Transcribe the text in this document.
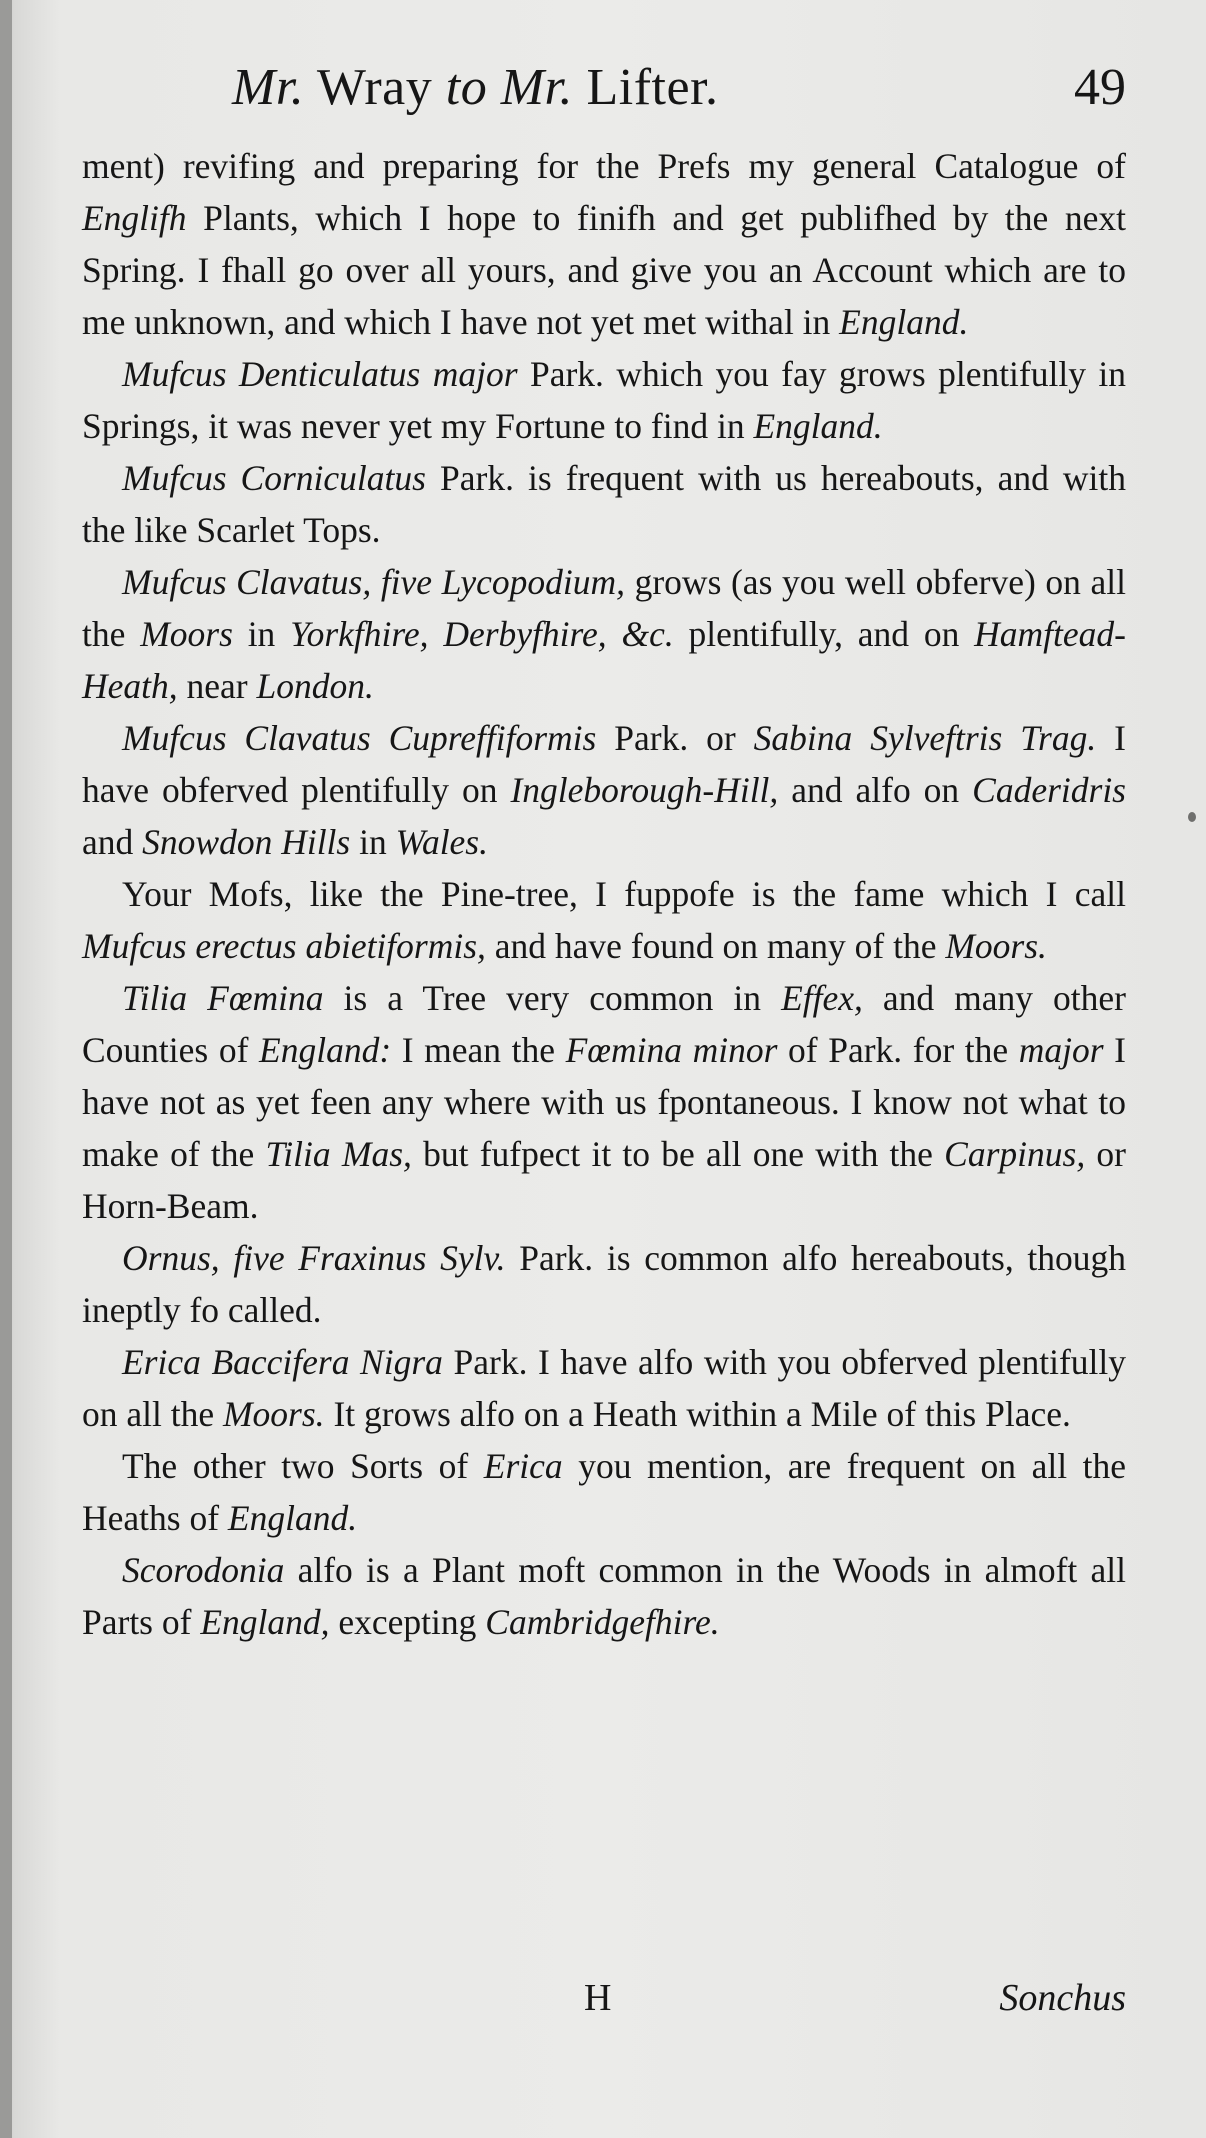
Mr. Wray to Mr. Lifter.	49

ment) revifing and preparing for the Prefs my general Catalogue of Englifh Plants, which I hope to finifh and get publifhed by the next Spring. I fhall go over all yours, and give you an Account which are to me unknown, and which I have not yet met withal in England.

Mufcus Denticulatus major Park. which you fay grows plentifully in Springs, it was never yet my Fortune to find in England.

Mufcus Corniculatus Park. is frequent with us hereabouts, and with the like Scarlet Tops.

Mufcus Clavatus, five Lycopodium, grows (as you well obferve) on all the Moors in Yorkfhire, Derbyfhire, &c. plentifully, and on Hamftead-Heath, near London.

Mufcus Clavatus Cupreffiformis Park. or Sabina Sylveftris Trag. I have obferved plentifully on Ingleborough-Hill, and alfo on Caderidris and Snowdon Hills in Wales.

Your Mofs, like the Pine-tree, I fuppofe is the fame which I call Mufcus erectus abietiformis, and have found on many of the Moors.

Tilia Fœmina is a Tree very common in Effex, and many other Counties of England: I mean the Fœmina minor of Park. for the major I have not as yet feen any where with us fpontaneous. I know not what to make of the Tilia Mas, but fufpect it to be all one with the Carpinus, or Horn-Beam.

Ornus, five Fraxinus Sylv. Park. is common alfo hereabouts, though ineptly fo called.

Erica Baccifera Nigra Park. I have alfo with you obferved plentifully on all the Moors. It grows alfo on a Heath within a Mile of this Place.

The other two Sorts of Erica you mention, are frequent on all the Heaths of England.

Scorodonia alfo is a Plant moft common in the Woods in almoft all Parts of England, excepting Cambridgefhire.

H	Sonchus
